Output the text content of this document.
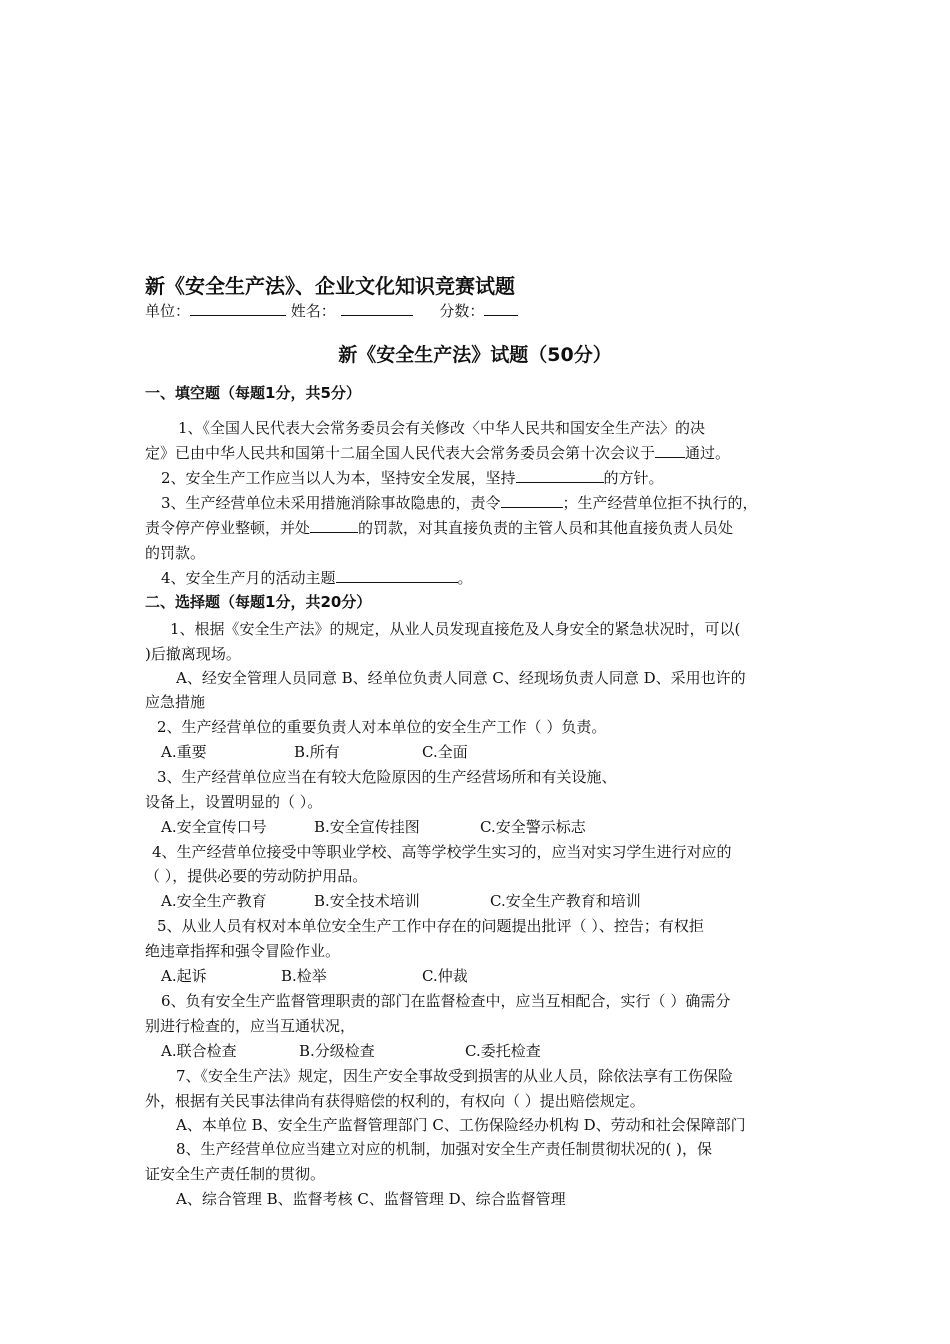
新《安全生产法》、企业文化知识竞赛试题
单位：	姓名：	分数：
新《安全生产法》试题（50分）
一、填空题（每题1分，共5分）
1、《全国人民代表大会常务委员会有关修改〈中华人民共和国安全生产法〉的决
定》已由中华人民共和国第十二届全国人民代表大会常务委员会第十次会议于 通过。
2、安全生产工作应当以人为本，坚持安全发展，坚持	的方针。
3、生产经营单位未采用措施消除事故隐患的，责令	；生产经营单位拒不执行的，
责令停产停业整顿，并处	的罚款，对其直接负责的主管人员和其他直接负责人员处
的罚款。
4、安全生产月的活动主题	。
二、选择题（每题1分，共20分）
1、根据《安全生产法》的规定，从业人员发现直接危及人身安全的紧急状况时，可以(
)后撤离现场。
A、经安全管理人员同意 B、经单位负责人同意 C、经现场负责人同意 D、采用也许的
应急措施
2、生产经营单位的重要负责人对本单位的安全生产工作（ ）负责。
A.重要	B.所有	C.全面
3、生产经营单位应当在有较大危险原因的生产经营场所和有关设施、
设备上，设置明显的（ ）。
A.安全宣传口号	B.安全宣传挂图	C.安全警示标志
4、生产经营单位接受中等职业学校、高等学校学生实习的，应当对实习学生进行对应的
（ ），提供必要的劳动防护用品。
A.安全生产教育	B.安全技术培训	C.安全生产教育和培训
5、从业人员有权对本单位安全生产工作中存在的问题提出批评（ ）、控告；有权拒
绝违章指挥和强令冒险作业。
A.起诉	B.检举	C.仲裁
6、负有安全生产监督管理职责的部门在监督检查中，应当互相配合，实行（ ）确需分
别进行检查的，应当互通状况，
A.联合检查	B.分级检查	C.委托检查
7、《安全生产法》规定，因生产安全事故受到损害的从业人员，除依法享有工伤保险
外，根据有关民事法律尚有获得赔偿的权利的，有权向（ ）提出赔偿规定。
A、本单位 B、安全生产监督管理部门 C、工伤保险经办机构 D、劳动和社会保障部门
8、生产经营单位应当建立对应的机制，加强对安全生产责任制贯彻状况的( )，保
证安全生产责任制的贯彻。
A、综合管理 B、监督考核 C、监督管理 D、综合监督管理
